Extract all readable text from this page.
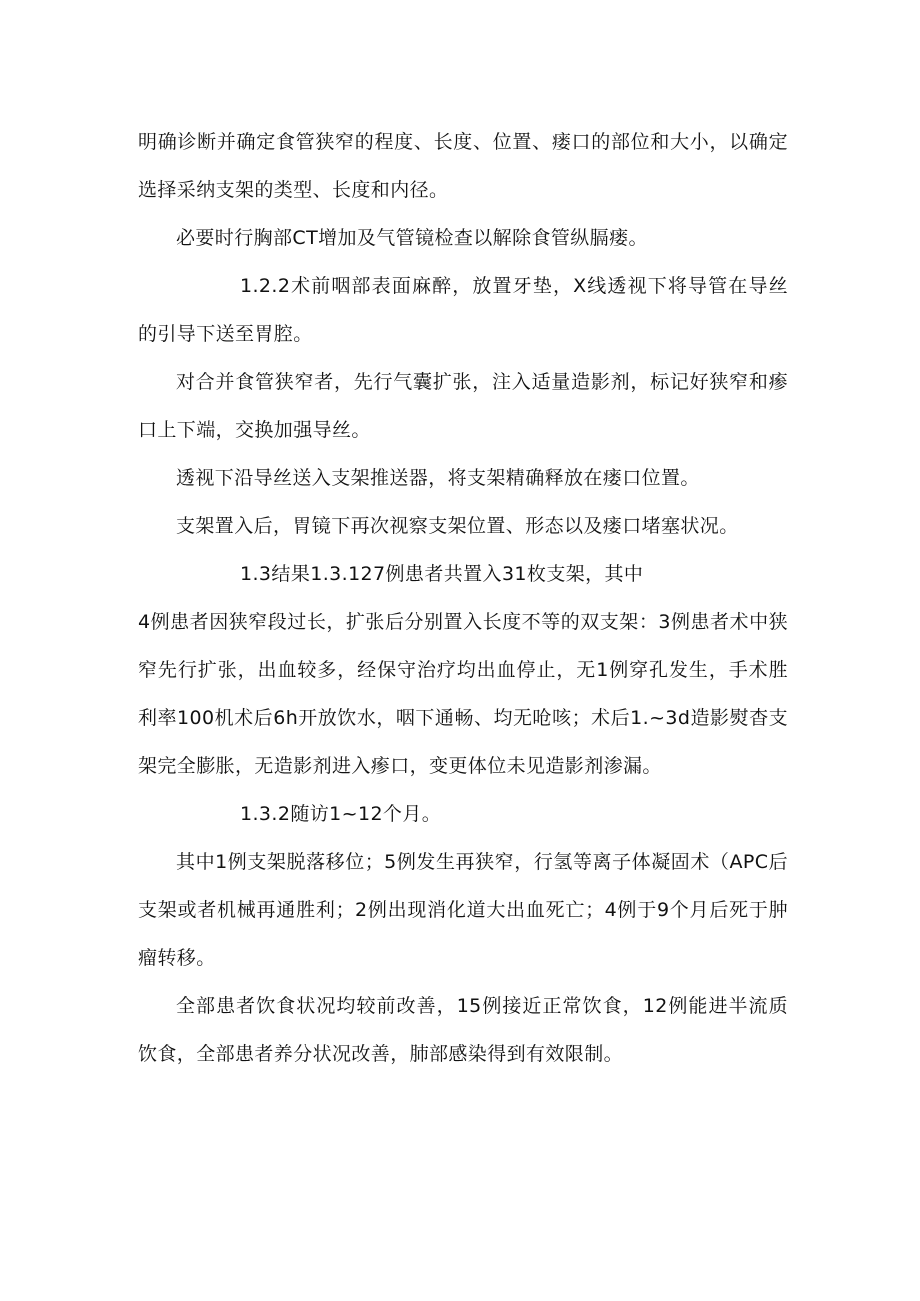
明确诊断并确定食管狭窄的程度、长度、位置、瘘口的部位和大小，以确定选择采纳支架的类型、长度和内径。

必要时行胸部CT增加及气管镜检查以解除食管纵膈瘘。

1.2.2术前咽部表面麻醉，放置牙垫，X线透视下将导管在导丝的引导下送至胃腔。

对合并食管狭窄者，先行气囊扩张，注入适量造影剂，标记好狭窄和瘆口上下端，交换加强导丝。

透视下沿导丝送入支架推送器，将支架精确释放在瘘口位置。

支架置入后，胃镜下再次视察支架位置、形态以及瘘口堵塞状况。

1.3结果1.3.127例患者共置入31枚支架，其中

4例患者因狭窄段过长，扩张后分别置入长度不等的双支架：3例患者术中狭窄先行扩张，出血较多，经保守治疗均出血停止，无1例穿孔发生，手术胜利率100机术后6h开放饮水，咽下通畅、均无呛咳；术后1.~3d造影熨杳支架完全膨胀，无造影剂进入瘆口，变更体位未见造影剂渗漏。

1.3.2随访1~12个月。

其中1例支架脱落移位；5例发生再狭窄，行氢等离子体凝固术（APC后支架或者机械再通胜利；2例出现消化道大出血死亡；4例于9个月后死于肿瘤转移。

全部患者饮食状况均较前改善，15例接近正常饮食，12例能进半流质饮食，全部患者养分状况改善，肺部感染得到有效限制。
